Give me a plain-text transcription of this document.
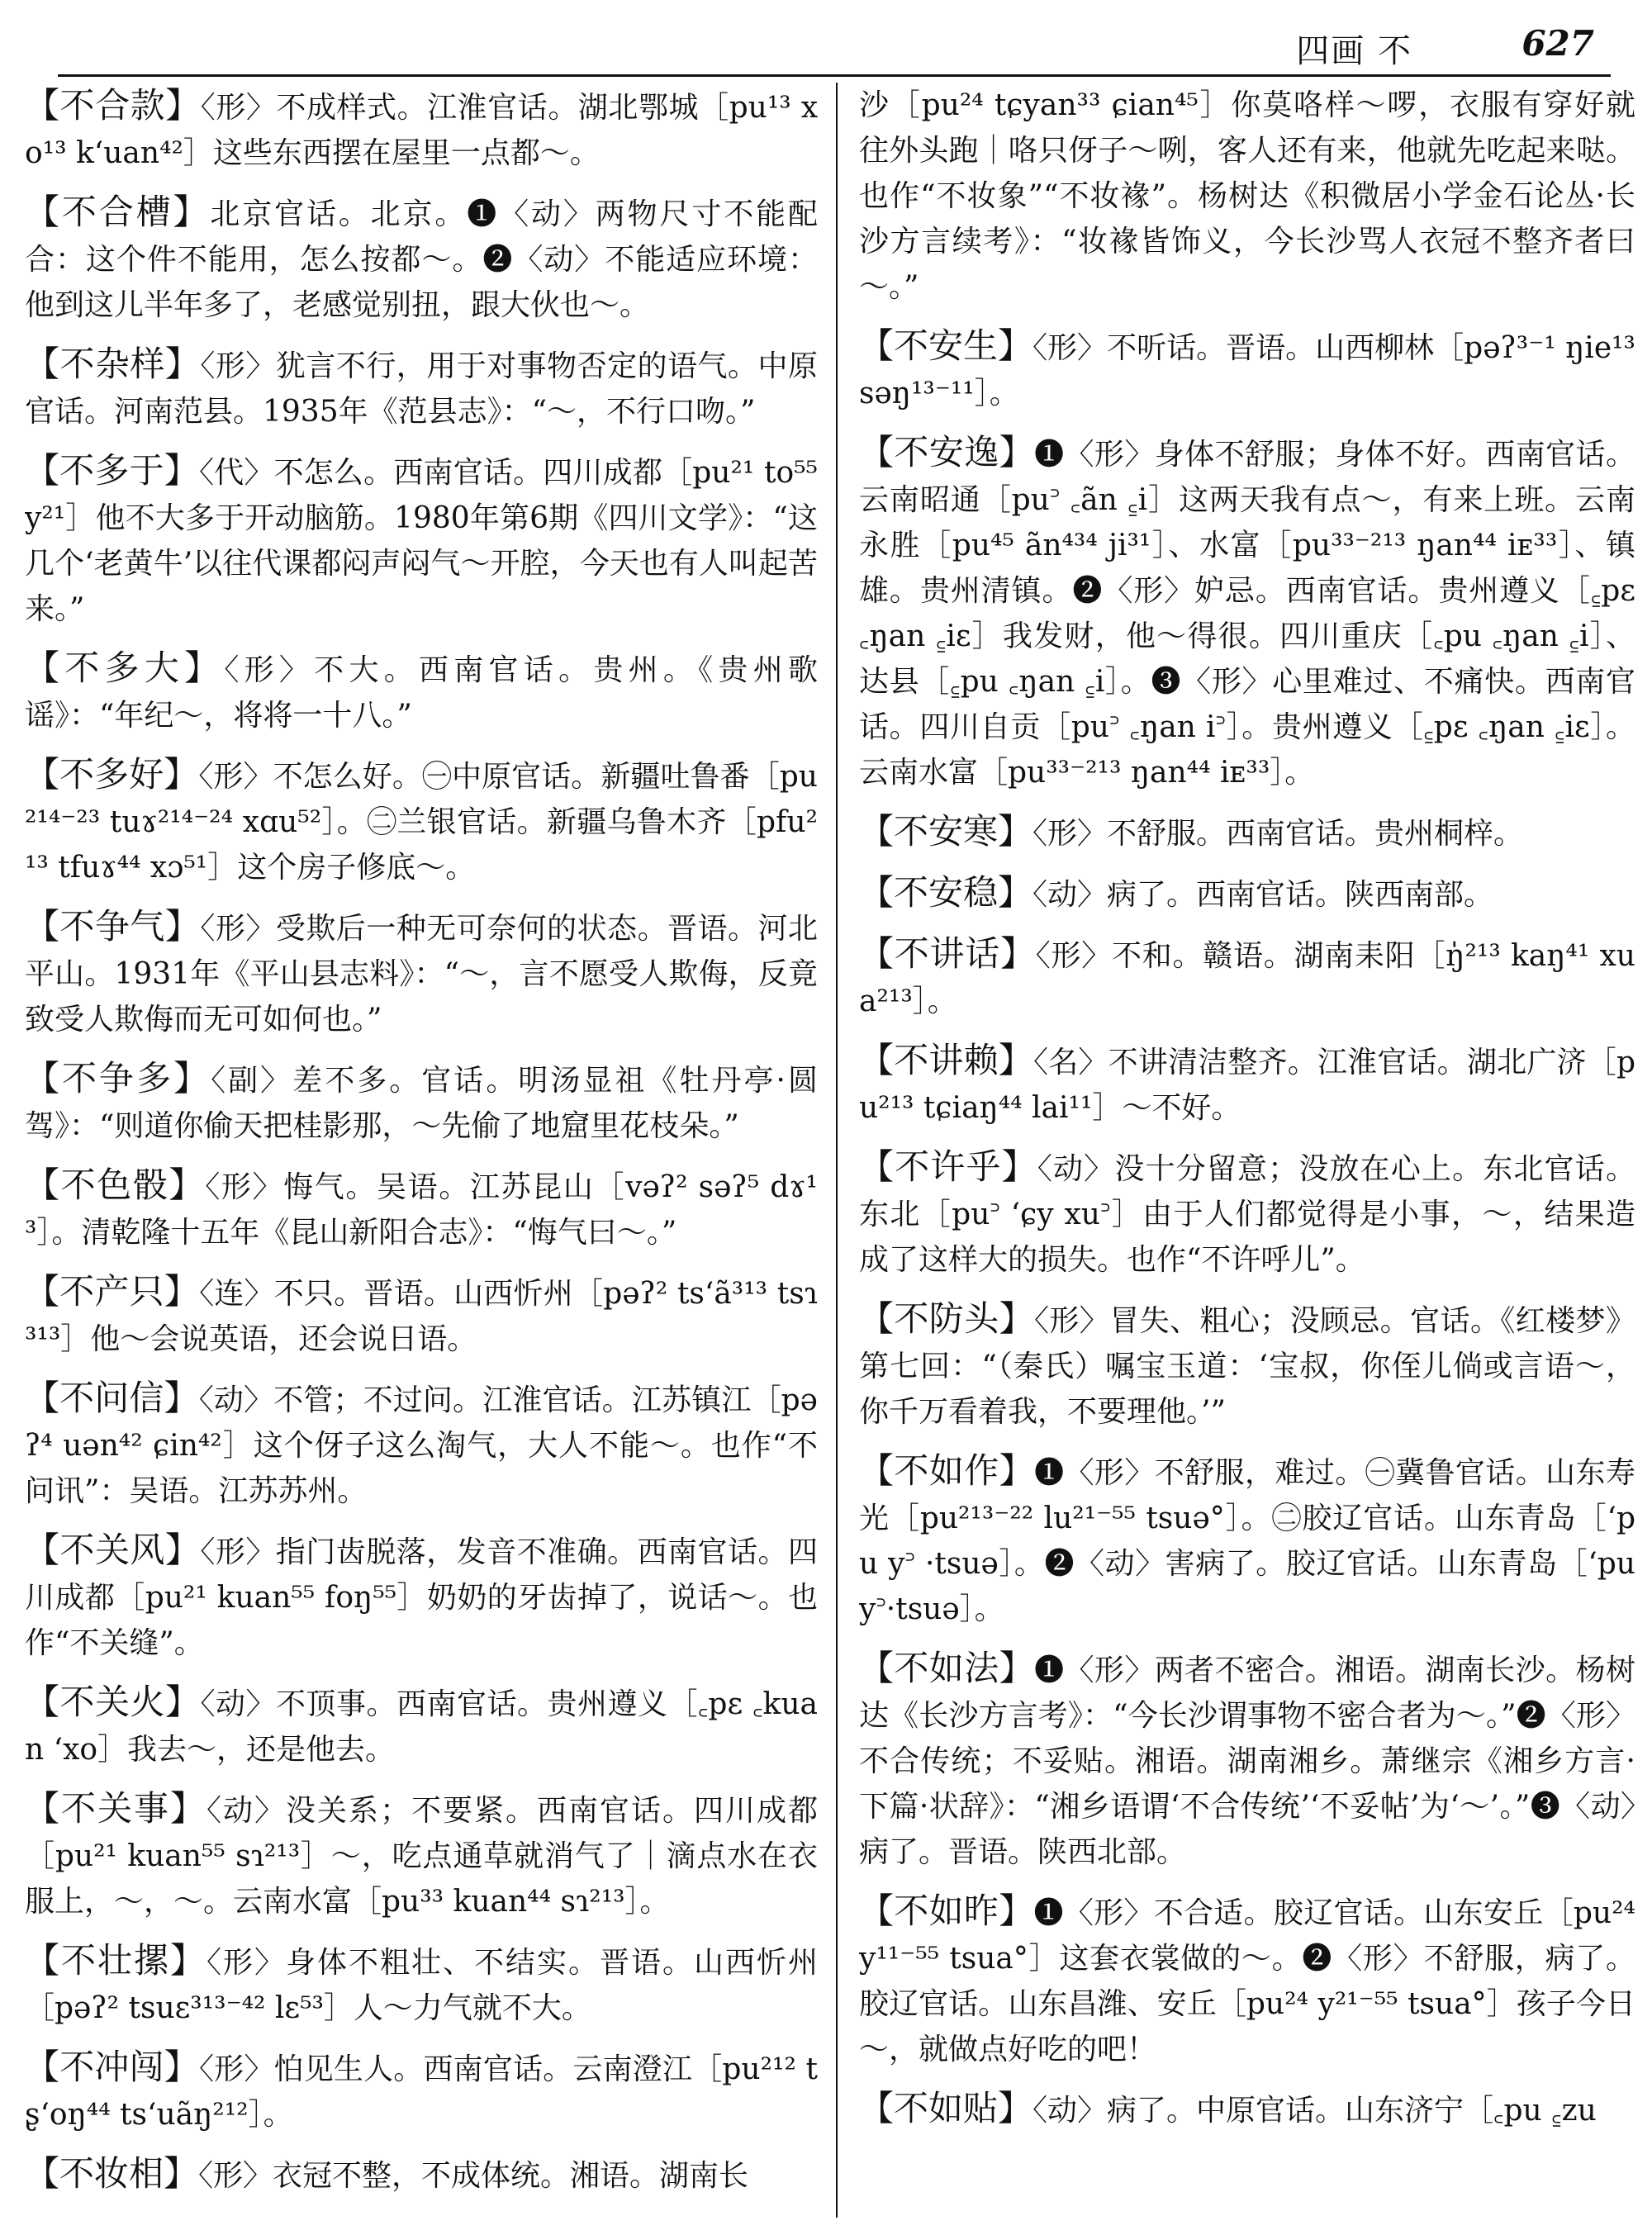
四画 不	627
【不合款】〈形〉不成样式。江淮官话。湖北鄂城［pu¹³ xo¹³ k‘uan⁴²］这些东西摆在屋里一点都～。
【不合槽】北京官话。北京。❶〈动〉两物尺寸不能配合：这个件不能用，怎么按都～。❷〈动〉不能适应环境：他到这儿半年多了，老感觉别扭，跟大伙也～。
【不杂样】〈形〉犹言不行，用于对事物否定的语气。中原官话。河南范县。1935年《范县志》：“～，不行口吻。”
【不多于】〈代〉不怎么。西南官话。四川成都［pu²¹ to⁵⁵ y²¹］他不大多于开动脑筋。1980年第6期《四川文学》：“这几个‘老黄牛’以往代课都闷声闷气～开腔，今天也有人叫起苦来。”
【不多大】〈形〉不大。西南官话。贵州。《贵州歌谣》：“年纪～，将将一十八。”
【不多好】〈形〉不怎么好。㊀中原官话。新疆吐鲁番［pu²¹⁴⁻²³ tuɤ²¹⁴⁻²⁴ xɑu⁵²］。㊁兰银官话。新疆乌鲁木齐［pfu²¹³ tfuɤ⁴⁴ xɔ⁵¹］这个房子修底～。
【不争气】〈形〉受欺后一种无可奈何的状态。晋语。河北平山。1931年《平山县志料》：“～，言不愿受人欺侮，反竟致受人欺侮而无可如何也。”
【不争多】〈副〉差不多。官话。明汤显祖《牡丹亭·圆驾》：“则道你偷天把桂影那，～先偷了地窟里花枝朵。”
【不色骰】〈形〉悔气。吴语。江苏昆山［vəʔ² səʔ⁵ dɤ¹³］。清乾隆十五年《昆山新阳合志》：“悔气曰～。”
【不产只】〈连〉不只。晋语。山西忻州［pəʔ² ts‘ã³¹³ tsɿ³¹³］他～会说英语，还会说日语。
【不问信】〈动〉不管；不过问。江淮官话。江苏镇江［pəʔ⁴ uən⁴² ɕin⁴²］这个伢子这么淘气，大人不能～。也作“不问讯”：吴语。江苏苏州。
【不关风】〈形〉指门齿脱落，发音不准确。西南官话。四川成都［pu²¹ kuan⁵⁵ foŋ⁵⁵］奶奶的牙齿掉了，说话～。也作“不关缝”。
【不关火】〈动〉不顶事。西南官话。贵州遵义［꜀pɛ ꜀kuan ‘xo］我去～，还是他去。
【不关事】〈动〉没关系；不要紧。西南官话。四川成都［pu²¹ kuan⁵⁵ sɿ²¹³］～，吃点通草就消气了｜滴点水在衣服上，～，～。云南水富［pu³³ kuan⁴⁴ sɿ²¹³］。
【不壮摞】〈形〉身体不粗壮、不结实。晋语。山西忻州［pəʔ² tsuɛ³¹³⁻⁴² lɛ⁵³］人～力气就不大。
【不冲闯】〈形〉怕见生人。西南官话。云南澄江［pu²¹² tʂ‘oŋ⁴⁴ ts‘uãŋ²¹²］。
【不妆相】〈形〉衣冠不整，不成体统。湘语。湖南长
沙［pu²⁴ tɕyan³³ ɕian⁴⁵］你莫咯样～啰，衣服有穿好就往外头跑｜咯只伢子～咧，客人还有来，他就先吃起来哒。也作“不妆象”“不妆褖”。杨树达《积微居小学金石论丛·长沙方言续考》：“妆褖皆饰义，今长沙骂人衣冠不整齐者曰～。”
【不安生】〈形〉不听话。晋语。山西柳林［pəʔ³⁻¹ ŋie¹³ səŋ¹³⁻¹¹］。
【不安逸】❶〈形〉身体不舒服；身体不好。西南官话。云南昭通［pu꜄ ꜀ãn ꜁i］这两天我有点～，有来上班。云南永胜［pu⁴⁵ ãn⁴³⁴ ji³¹］、水富［pu³³⁻²¹³ ŋan⁴⁴ iᴇ³³］、镇雄。贵州清镇。❷〈形〉妒忌。西南官话。贵州遵义［꜁pɛ ꜀ŋan ꜁iɛ］我发财，他～得很。四川重庆［꜀pu ꜀ŋan ꜁i］、达县［꜁pu ꜀ŋan ꜁i］。❸〈形〉心里难过、不痛快。西南官话。四川自贡［pu꜄ ꜀ŋan i꜄］。贵州遵义［꜁pɛ ꜀ŋan ꜁iɛ］。云南水富［pu³³⁻²¹³ ŋan⁴⁴ iᴇ³³］。
【不安寒】〈形〉不舒服。西南官话。贵州桐梓。
【不安稳】〈动〉病了。西南官话。陕西南部。
【不讲话】〈形〉不和。赣语。湖南耒阳［ŋ̍²¹³ kaŋ⁴¹ xua²¹³］。
【不讲赖】〈名〉不讲清洁整齐。江淮官话。湖北广济［pu²¹³ tɕiaŋ⁴⁴ lai¹¹］～不好。
【不许乎】〈动〉没十分留意；没放在心上。东北官话。东北［pu꜄ ‘ɕy xu꜄］由于人们都觉得是小事，～，结果造成了这样大的损失。也作“不许呼儿”。
【不防头】〈形〉冒失、粗心；没顾忌。官话。《红楼梦》第七回：“（秦氏）嘱宝玉道：‘宝叔，你侄儿倘或言语～，你千万看着我，不要理他。’”
【不如作】❶〈形〉不舒服，难过。㊀冀鲁官话。山东寿光［pu²¹³⁻²² lu²¹⁻⁵⁵ tsuə°］。㊁胶辽官话。山东青岛［‘pu y꜄ ·tsuə］。❷〈动〉害病了。胶辽官话。山东青岛［‘pu y꜄·tsuə］。
【不如法】❶〈形〉两者不密合。湘语。湖南长沙。杨树达《长沙方言考》：“今长沙谓事物不密合者为～。”❷〈形〉不合传统；不妥贴。湘语。湖南湘乡。萧继宗《湘乡方言·下篇·状辞》：“湘乡语谓‘不合传统’‘不妥帖’为‘～’。”❸〈动〉病了。晋语。陕西北部。
【不如昨】❶〈形〉不合适。胶辽官话。山东安丘［pu²⁴ y¹¹⁻⁵⁵ tsua°］这套衣裳做的～。❷〈形〉不舒服，病了。胶辽官话。山东昌潍、安丘［pu²⁴ y²¹⁻⁵⁵ tsua°］孩子今日～，就做点好吃的吧！
【不如贴】〈动〉病了。中原官话。山东济宁［꜀pu ꜁zu
